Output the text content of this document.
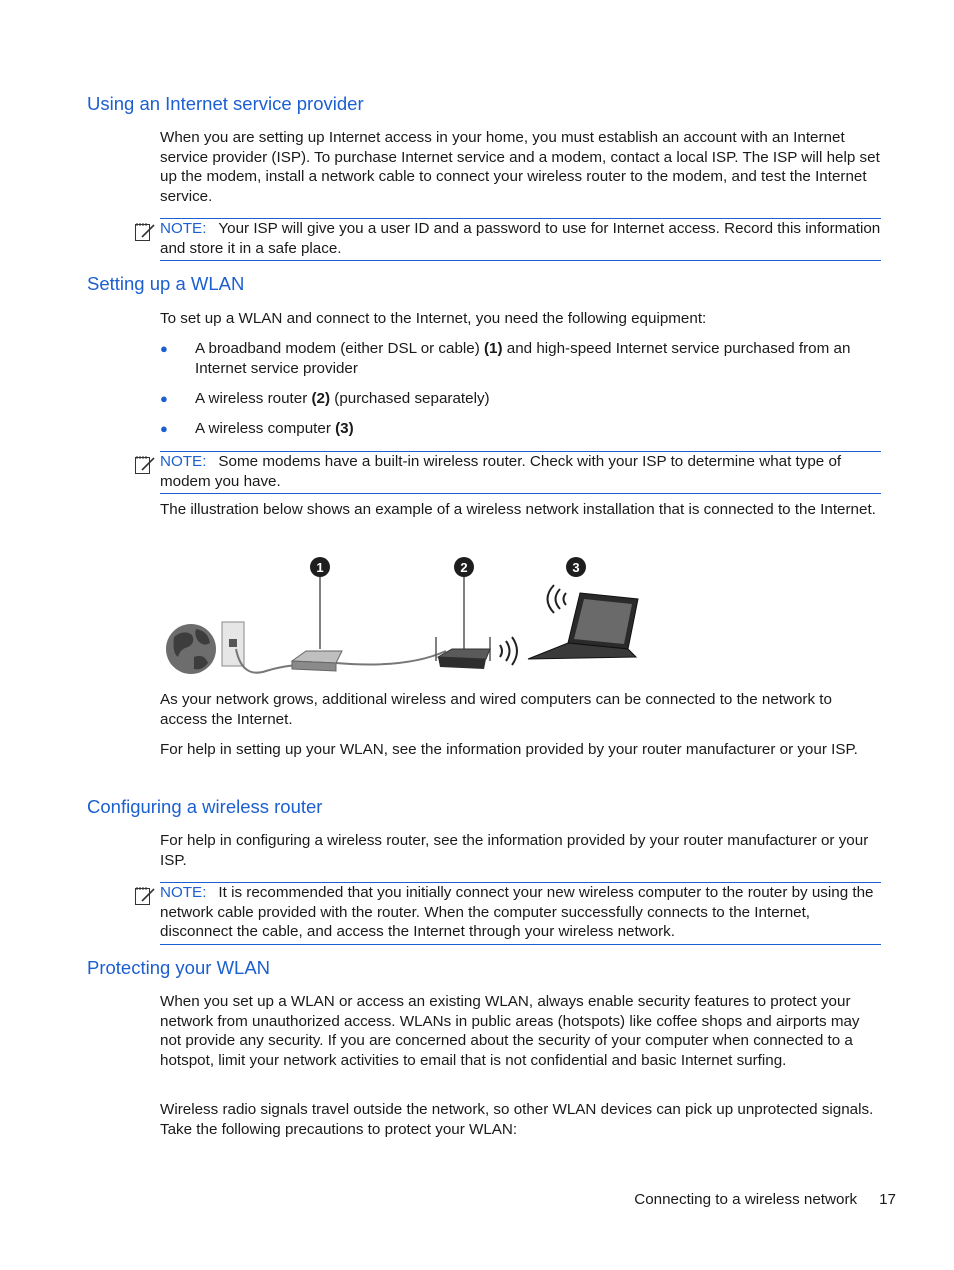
Using an Internet service provider

When you are setting up Internet access in your home, you must establish an account with an Internet service provider (ISP). To purchase Internet service and a modem, contact a local ISP. The ISP will help set up the modem, install a network cable to connect your wireless router to the modem, and test the Internet service.

NOTE: Your ISP will give you a user ID and a password to use for Internet access. Record this information and store it in a safe place.
Setting up a WLAN

To set up a WLAN and connect to the Internet, you need the following equipment:

● A broadband modem (either DSL or cable) (1) and high-speed Internet service purchased from an Internet service provider
● A wireless router (2) (purchased separately)
● A wireless computer (3)
NOTE: Some modems have a built-in wireless router. Check with your ISP to determine what type of modem you have.

The illustration below shows an example of a wireless network installation that is connected to the Internet.

1	2	3

As your network grows, additional wireless and wired computers can be connected to the network to access the Internet.

For help in setting up your WLAN, see the information provided by your router manufacturer or your ISP.

Configuring a wireless router

For help in configuring a wireless router, see the information provided by your router manufacturer or your ISP.

NOTE: It is recommended that you initially connect your new wireless computer to the router by using the network cable provided with the router. When the computer successfully connects to the Internet, disconnect the cable, and access the Internet through your wireless network.
Protecting your WLAN

When you set up a WLAN or access an existing WLAN, always enable security features to protect your network from unauthorized access. WLANs in public areas (hotspots) like coffee shops and airports may not provide any security. If you are concerned about the security of your computer when connected to a hotspot, limit your network activities to email that is not confidential and basic Internet surfing.

Wireless radio signals travel outside the network, so other WLAN devices can pick up unprotected signals. Take the following precautions to protect your WLAN:

Connecting to a wireless network 17
